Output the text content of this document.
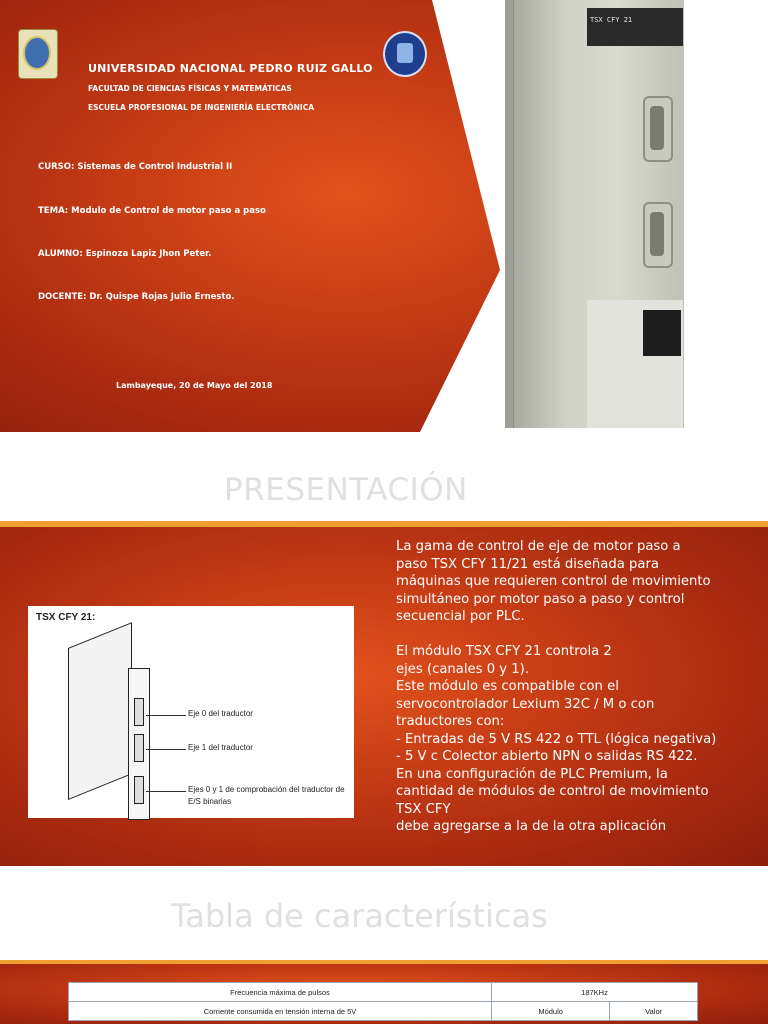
UNIVERSIDAD NACIONAL PEDRO RUIZ GALLO
FACULTAD DE CIENCIAS FÍSICAS Y MATEMÁTICAS
ESCUELA PROFESIONAL DE INGENIERÍA ELECTRÓNICA
CURSO: Sistemas de Control Industrial II
TEMA: Modulo de Control de motor paso a paso
ALUMNO: Espinoza Lapiz Jhon Peter.
DOCENTE: Dr. Quispe Rojas Julio Ernesto.
Lambayeque, 20 de Mayo del 2018
TSX CFY 21
PRESENTACIÓN
TSX CFY 21:
Eje 0 del traductor
Eje 1 del traductor
Ejes 0 y 1 de comprobación del traductor de
E/S binarias
La gama de control de eje de motor paso a
paso TSX CFY 11/21 está diseñada para
máquinas que requieren control de movimiento
simultáneo por motor paso a paso y control
secuencial por PLC.
El módulo TSX CFY 21 controla 2
ejes (canales 0 y 1).
Este módulo es compatible con el
servocontrolador Lexium 32C / M o con
traductores con:
- Entradas de 5 V RS 422 o TTL (lógica negativa)
- 5 V c Colector abierto NPN o salidas RS 422.
En una configuración de PLC Premium, la
cantidad de módulos de control de movimiento
TSX CFY
debe agregarse a la de la otra aplicación
Tabla de características
Frecuencia máxima de pulsos	187KHz	
Corriente consumida en tensión interna de 5V	Módulo	Valor
